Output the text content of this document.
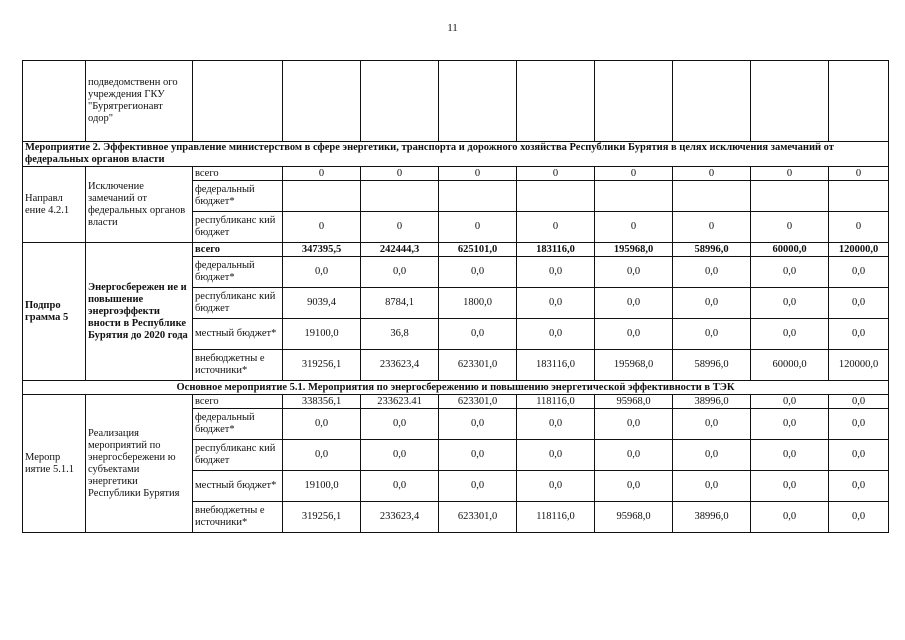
11
	подведомственн ого учреждения ГКУ "Бурятрегионавт одор"									
Мероприятие 2. Эффективное управление министерством в сфере энергетики, транспорта и дорожного хозяйства Республики Бурятия в целях исключения замечаний от федеральных органов власти										
Направл ение 4.2.1	Исключение замечаний от федеральных органов власти	всего	0	0	0	0	0	0	0	0
		федеральный бюджет*								
		республиканс кий бюджет	0	0	0	0	0	0	0	0
Подпро грамма 5	Энергосбережен ие и повышение энергоэффекти вности в Республике Бурятия до 2020 года	всего	347395,5	242444,3	625101,0	183116,0	195968,0	58996,0	60000,0	120000,0
		федеральный бюджет*	0,0	0,0	0,0	0,0	0,0	0,0	0,0	0,0
		республиканс кий бюджет	9039,4	8784,1	1800,0	0,0	0,0	0,0	0,0	0,0
		местный бюджет*	19100,0	36,8	0,0	0,0	0,0	0,0	0,0	0,0
		внебюджетны е источники*	319256,1	233623,4	623301,0	183116,0	195968,0	58996,0	60000,0	120000,0
Основное мероприятие 5.1. Мероприятия по энергосбережению и повышению энергетической эффективности в ТЭК										
Меропр иятие 5.1.1	Реализация мероприятий по энергосбережени ю субъектами энергетики Республики Бурятия	всего	338356,1	233623.41	623301,0	118116,0	95968,0	38996,0	0,0	0,0
		федеральный бюджет*	0,0	0,0	0,0	0,0	0,0	0,0	0,0	0,0
		республиканс кий бюджет	0,0	0,0	0,0	0,0	0,0	0,0	0,0	0,0
		местный бюджет*	19100,0	0,0	0,0	0,0	0,0	0,0	0,0	0,0
		внебюджетны е источники*	319256,1	233623,4	623301,0	118116,0	95968,0	38996,0	0,0	0,0
